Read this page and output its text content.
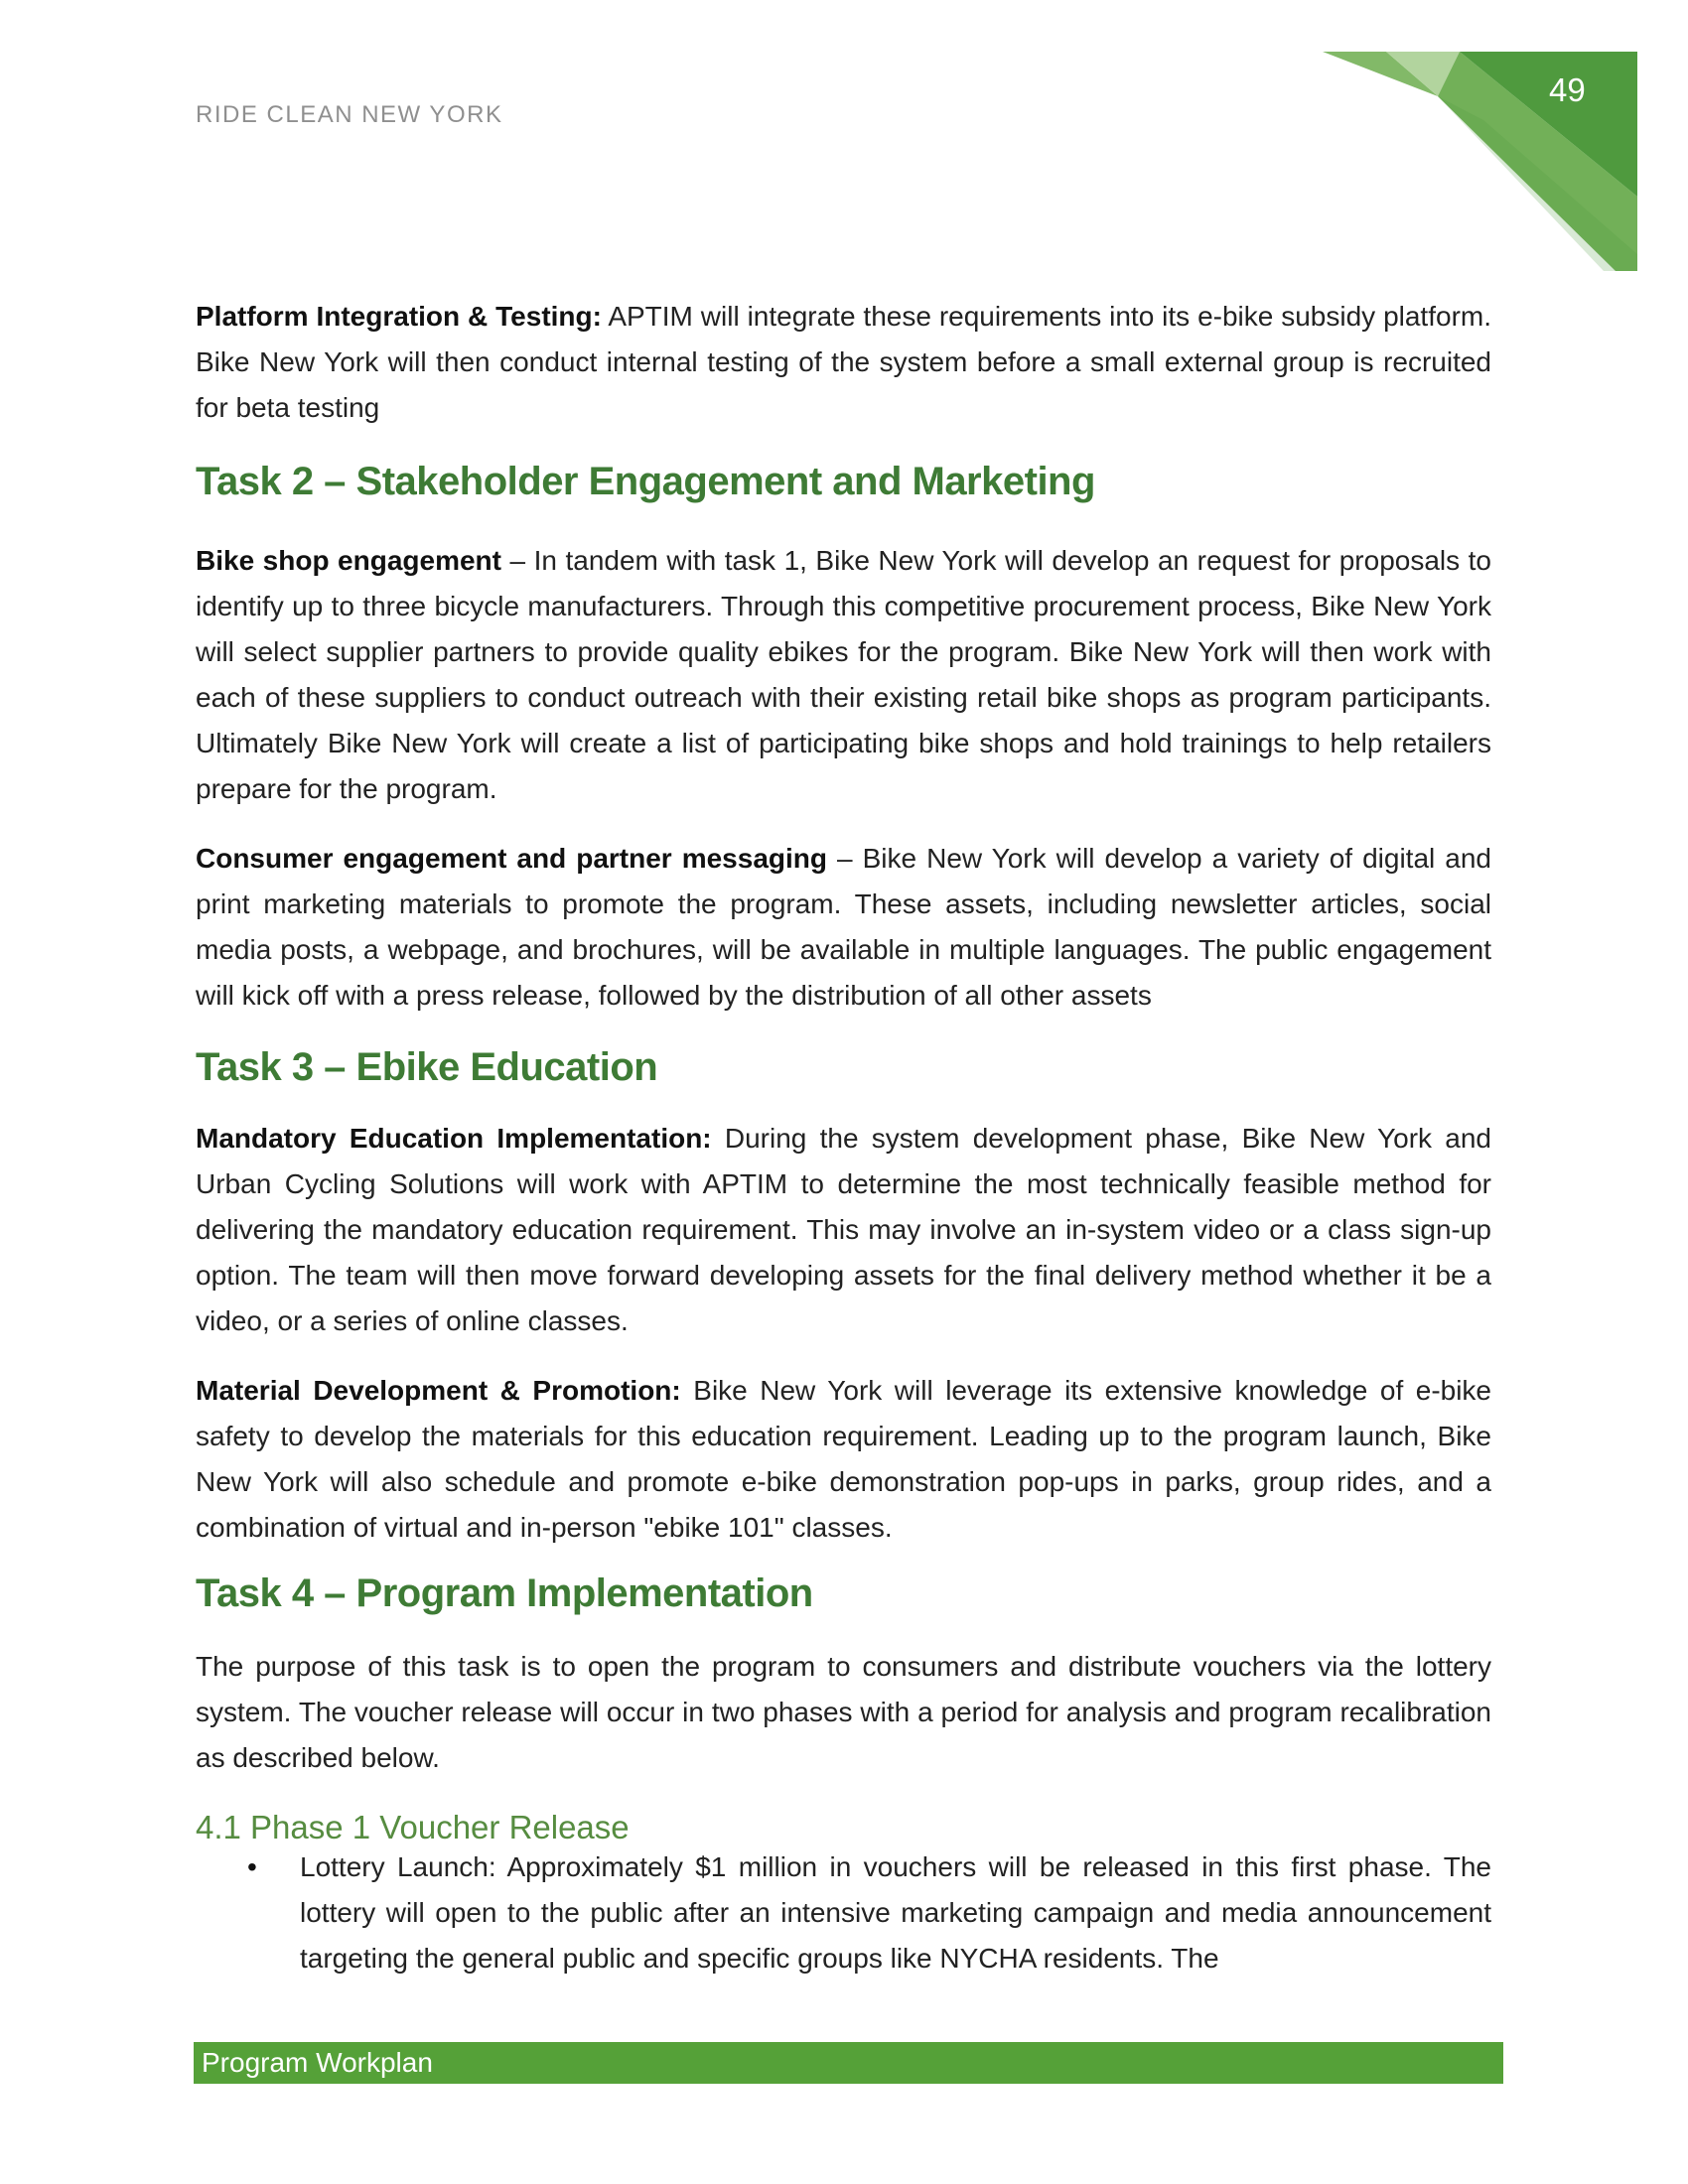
RIDE CLEAN NEW YORK
49

Platform Integration & Testing: APTIM will integrate these requirements into its e-bike subsidy platform. Bike New York will then conduct internal testing of the system before a small external group is recruited for beta testing

Task 2 – Stakeholder Engagement and Marketing

Bike shop engagement – In tandem with task 1, Bike New York will develop an request for proposals to identify up to three bicycle manufacturers. Through this competitive procurement process, Bike New York will select supplier partners to provide quality ebikes for the program. Bike New York will then work with each of these suppliers to conduct outreach with their existing retail bike shops as program participants. Ultimately Bike New York will create a list of participating bike shops and hold trainings to help retailers prepare for the program.

Consumer engagement and partner messaging – Bike New York will develop a variety of digital and print marketing materials to promote the program. These assets, including newsletter articles, social media posts, a webpage, and brochures, will be available in multiple languages. The public engagement will kick off with a press release, followed by the distribution of all other assets

Task 3 – Ebike Education

Mandatory Education Implementation: During the system development phase, Bike New York and Urban Cycling Solutions will work with APTIM to determine the most technically feasible method for delivering the mandatory education requirement. This may involve an in-system video or a class sign-up option. The team will then move forward developing assets for the final delivery method whether it be a video, or a series of online classes.

Material Development & Promotion: Bike New York will leverage its extensive knowledge of e-bike safety to develop the materials for this education requirement. Leading up to the program launch, Bike New York will also schedule and promote e-bike demonstration pop-ups in parks, group rides, and a combination of virtual and in-person "ebike 101" classes.

Task 4 – Program Implementation

The purpose of this task is to open the program to consumers and distribute vouchers via the lottery system. The voucher release will occur in two phases with a period for analysis and program recalibration as described below.

4.1 Phase 1 Voucher Release
• Lottery Launch: Approximately $1 million in vouchers will be released in this first phase. The lottery will open to the public after an intensive marketing campaign and media announcement targeting the general public and specific groups like NYCHA residents. The
Program Workplan
